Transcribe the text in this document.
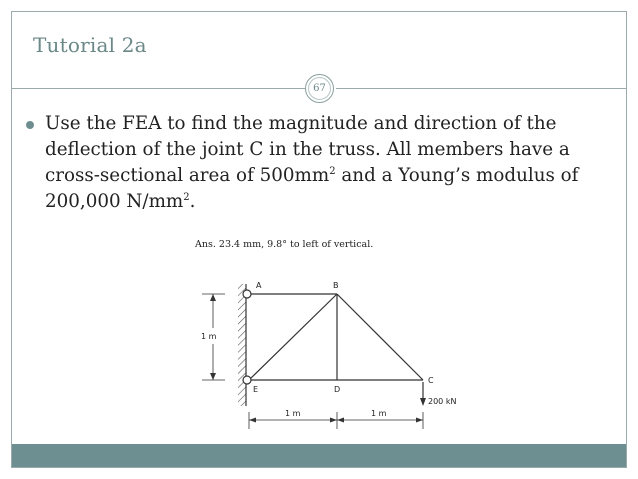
Tutorial 2a
67
Use the FEA to find the magnitude and direction of the deflection of the joint C in the truss. All members have a cross-sectional area of $500mm^2$ and a Young’s modulus of 200,000 $N/mm^2$.
Ans. 23.4 mm, 9.8° to left of vertical.
1 m
A	B
C
D
E
200 kN
1 m	1 m
